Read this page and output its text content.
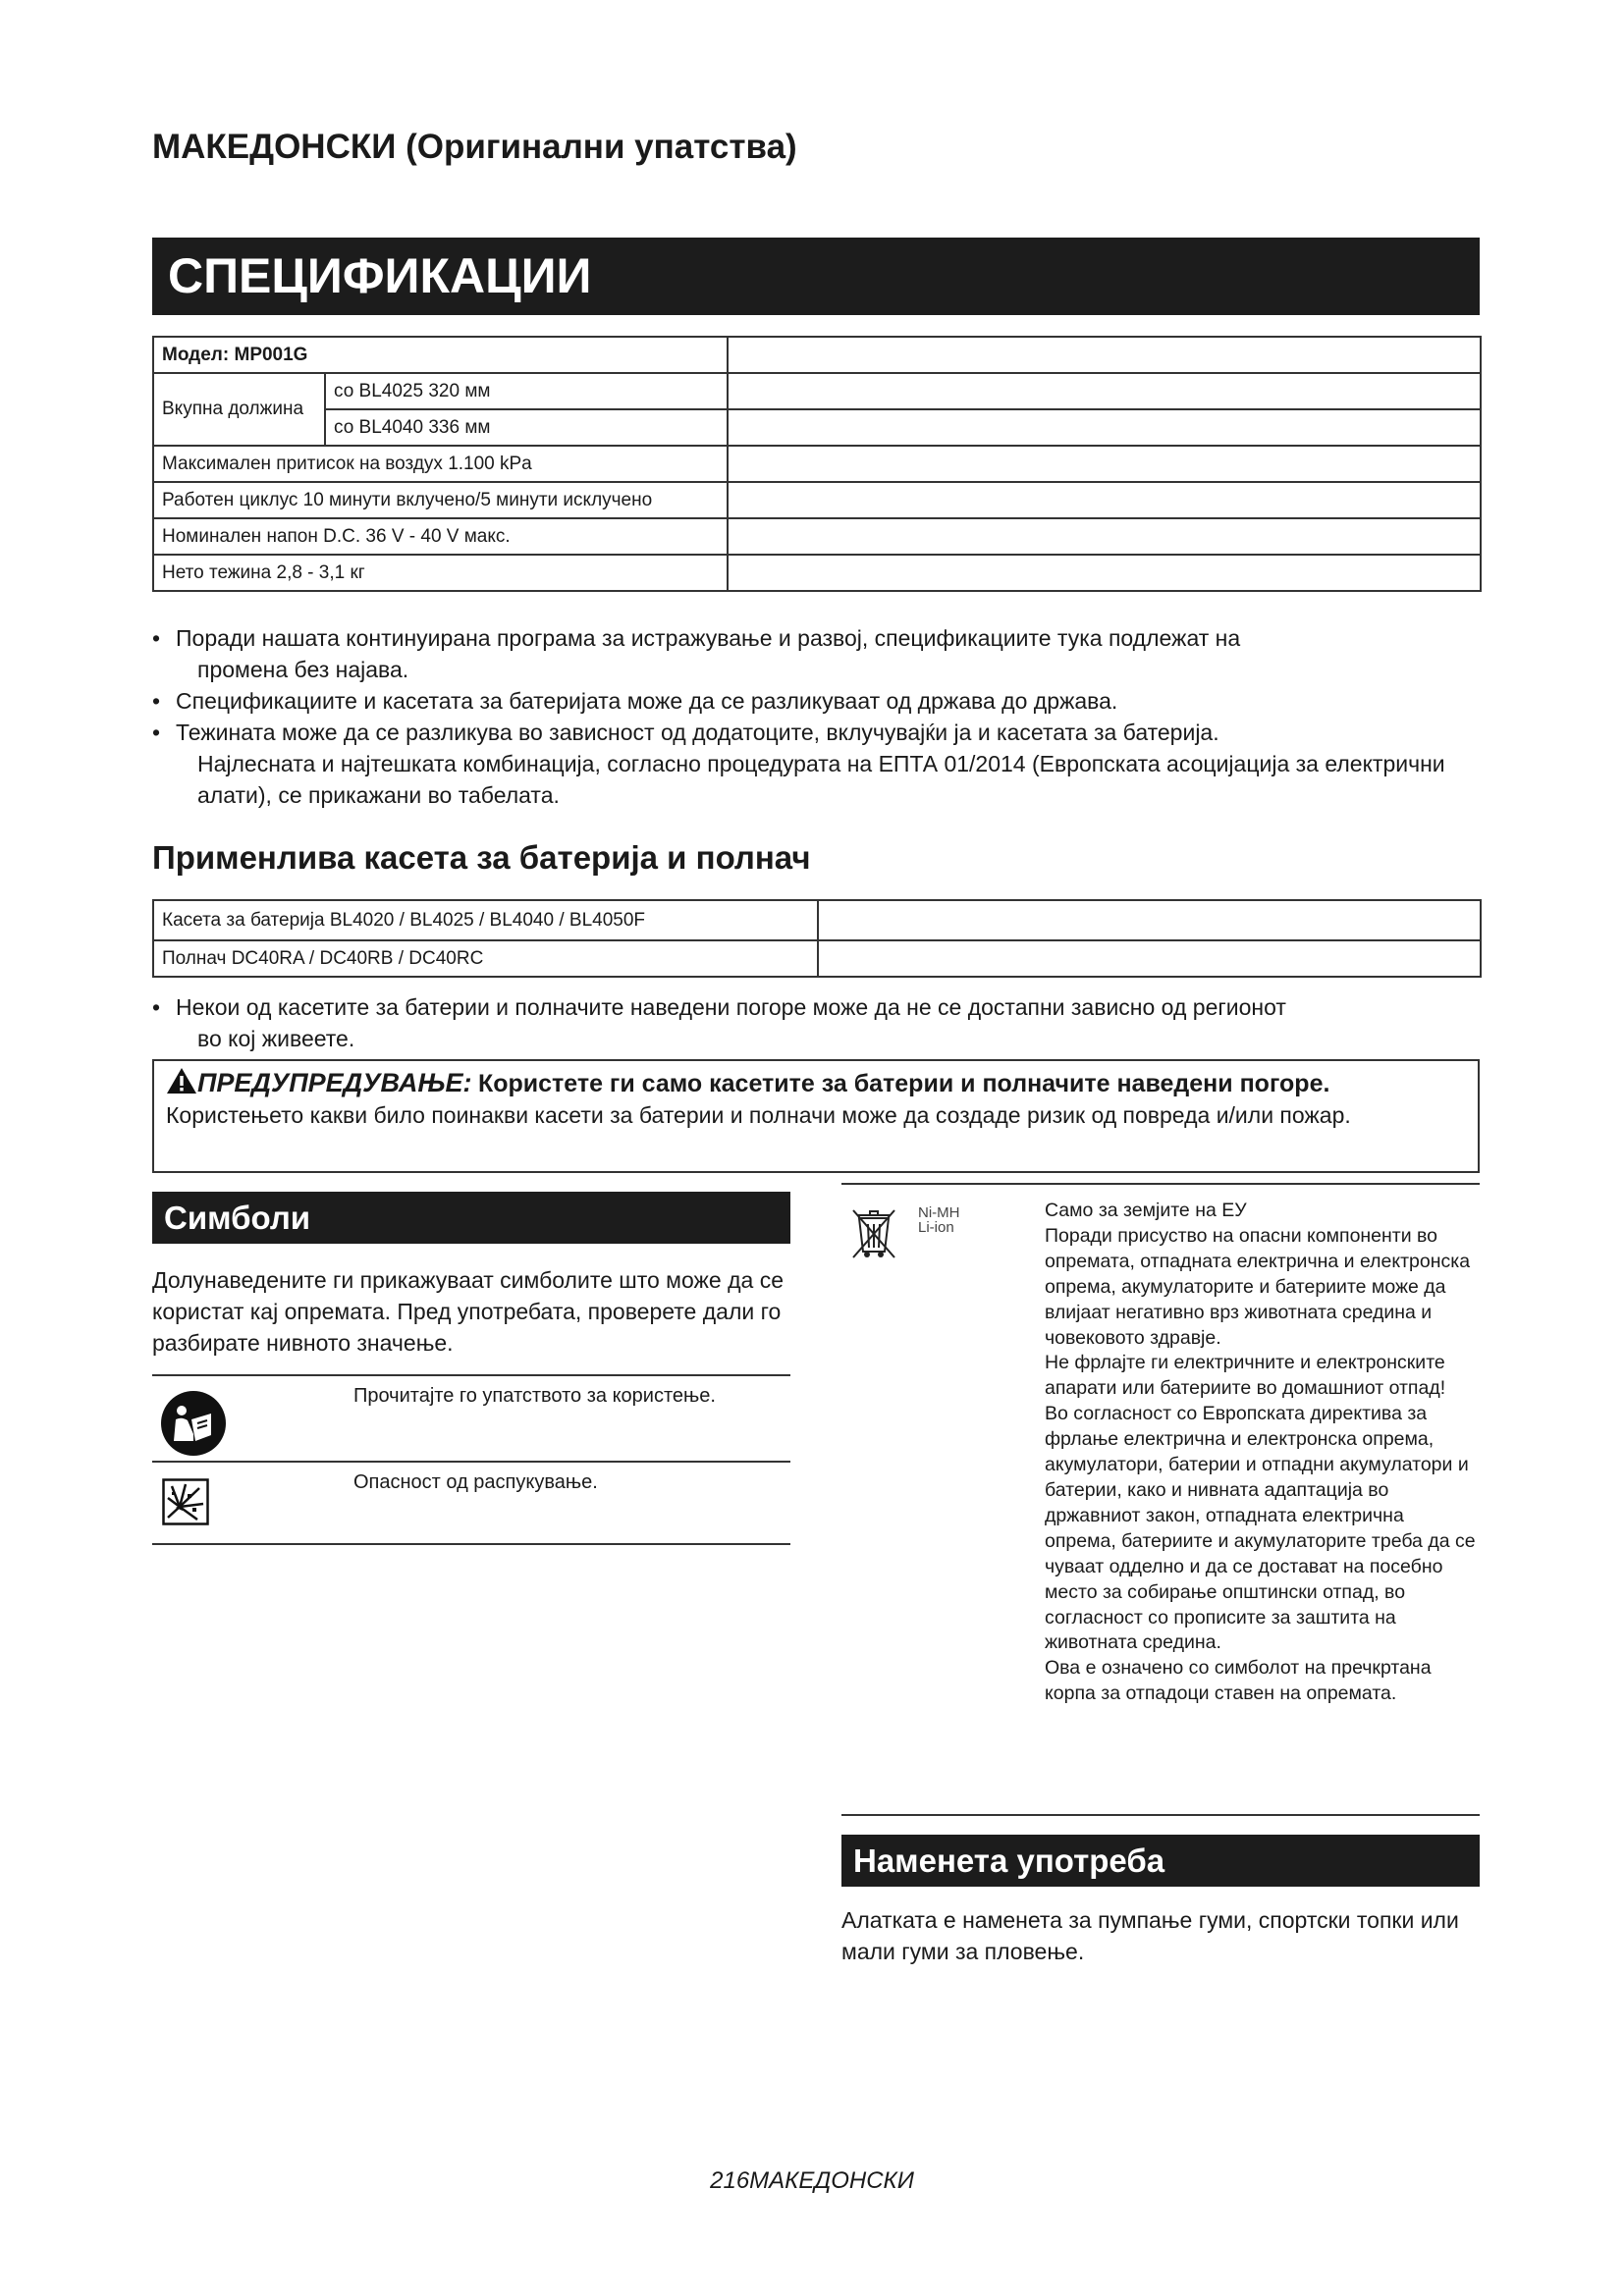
МАКЕДОНСКИ (Оригинални упатства)
СПЕЦИФИКАЦИИ
Модел: MP001G		
Вкупна должина	со BL4025 320 мм	
	со BL4040 336 мм	
Максимален притисок на воздух 1.100 kPa		
Работен циклус 10 минути вклучено/5 минути исклучено		
Номинален напон D.C. 36 V - 40 V макс.		
Нето тежина 2,8 - 3,1 кг		
• Поради нашата континуирана програма за истражување и развој, спецификациите тука подлежат на
промена без најава.
• Спецификациите и касетата за батеријата може да се разликуваат од држава до држава.
• Тежината може да се разликува во зависност од додатоците, вклучувајќи ја и касетата за батерија.
Најлесната и најтешката комбинација, согласно процедурата на ЕПТА 01/2014 (Европската асоцијација за електрични алати), се прикажани во табелата.
Применлива касета за батерија и полнач
Касета за батерија BL4020 / BL4025 / BL4040 / BL4050F	
Полнач DC40RA / DC40RB / DC40RC	
• Некои од касетите за батерии и полначите наведени погоре може да не се достапни зависно од регионот
во кој живеете.
ПРЕДУПРЕДУВАЊЕ: Користете ги само касетите за батерии и полначите наведени погоре.
Користењето какви било поинакви касети за батерии и полначи може да создаде ризик од повреда и/или пожар.
Симболи

Долунаведените ги прикажуваат симболите што може да се користат кај опремата. Пред употребата, проверете дали го разбирате нивното значење.

Прочитајте го упатството за користење.
Опасност од распукување.
Ni-MH
Li-ion

Само за земјите на ЕУ
Поради присуство на опасни компоненти во опремата, отпадната електрична и електронска опрема, акумулаторите и батериите може да влијаат негативно врз животната средина и човековото здравје.
Не фрлајте ги електричните и електронските апарати или батериите во домашниот отпад!
Во согласност со Европската директива за фрлање електрична и електронска опрема, акумулатори, батерии и отпадни акумулатори и батерии, како и нивната адаптација во државниот закон, отпадната електрична опрема, батериите и акумулаторите треба да се чуваат одделно и да се достават на посебно место за собирање општински отпад, во согласност со прописите за заштита на животната средина.
Ова е означено со симболот на пречкртана корпа за отпадоци ставен на опремата.

Наменета употреба

Алатката е наменета за пумпање гуми, спортски топки или мали гуми за пловење.

216МАКЕДОНСКИ
